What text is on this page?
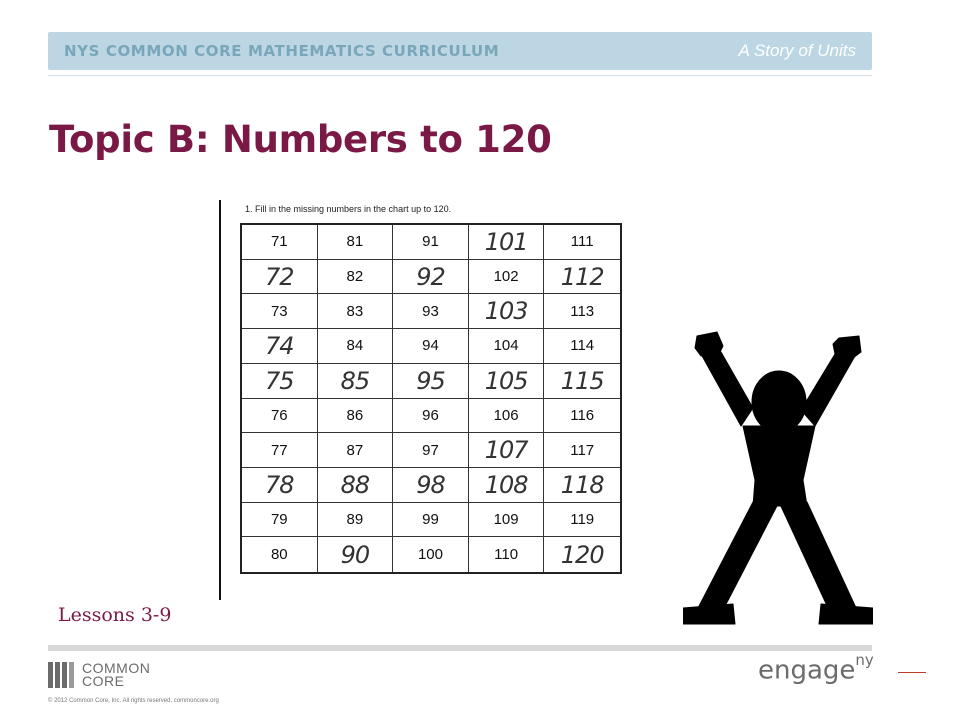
NYS COMMON CORE MATHEMATICS CURRICULUM	A Story of Units
Topic B: Numbers to 120
1. Fill in the missing numbers in the chart up to 120.
71	81	91	101	111
72	82	92	102	112
73	83	93	103	113
74	84	94	104	114
75	85	95	105	115
76	86	96	106	116
77	87	97	107	117
78	88	98	108	118
79	89	99	109	119
80	90	100	110	120
Lessons 3-9
COMMON
CORE
© 2012 Common Core, Inc. All rights reserved. commoncore.org
engage$^{ny}$
